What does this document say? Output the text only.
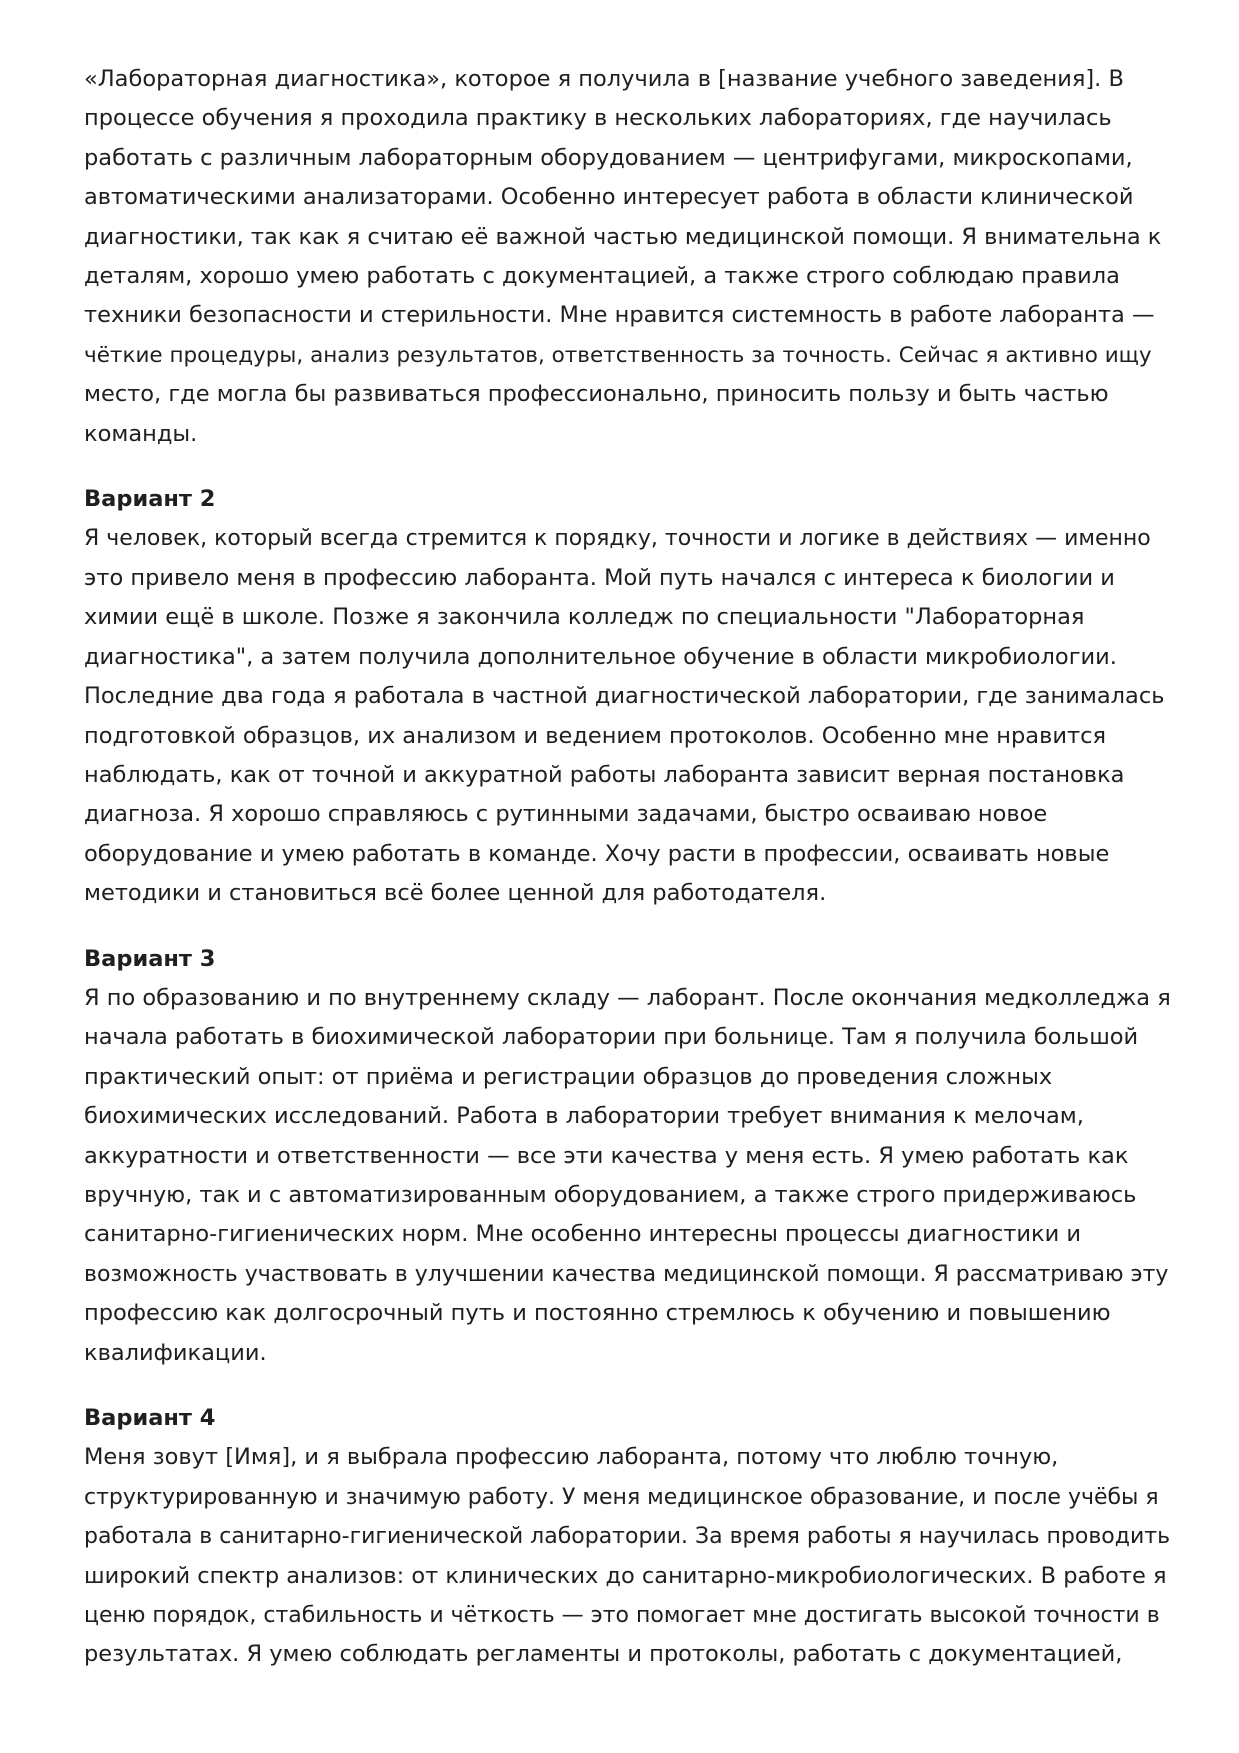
«Лабораторная диагностика», которое я получила в [название учебного заведения]. В
процессе обучения я проходила практику в нескольких лабораториях, где научилась
работать с различным лабораторным оборудованием — центрифугами, микроскопами,
автоматическими анализаторами. Особенно интересует работа в области клинической
диагностики, так как я считаю её важной частью медицинской помощи. Я внимательна к
деталям, хорошо умею работать с документацией, а также строго соблюдаю правила
техники безопасности и стерильности. Мне нравится системность в работе лаборанта —
чёткие процедуры, анализ результатов, ответственность за точность. Сейчас я активно ищу
место, где могла бы развиваться профессионально, приносить пользу и быть частью
команды.
Вариант 2
Я человек, который всегда стремится к порядку, точности и логике в действиях — именно
это привело меня в профессию лаборанта. Мой путь начался с интереса к биологии и
химии ещё в школе. Позже я закончила колледж по специальности "Лабораторная
диагностика", а затем получила дополнительное обучение в области микробиологии.
Последние два года я работала в частной диагностической лаборатории, где занималась
подготовкой образцов, их анализом и ведением протоколов. Особенно мне нравится
наблюдать, как от точной и аккуратной работы лаборанта зависит верная постановка
диагноза. Я хорошо справляюсь с рутинными задачами, быстро осваиваю новое
оборудование и умею работать в команде. Хочу расти в профессии, осваивать новые
методики и становиться всё более ценной для работодателя.
Вариант 3
Я по образованию и по внутреннему складу — лаборант. После окончания медколледжа я
начала работать в биохимической лаборатории при больнице. Там я получила большой
практический опыт: от приёма и регистрации образцов до проведения сложных
биохимических исследований. Работа в лаборатории требует внимания к мелочам,
аккуратности и ответственности — все эти качества у меня есть. Я умею работать как
вручную, так и с автоматизированным оборудованием, а также строго придерживаюсь
санитарно-гигиенических норм. Мне особенно интересны процессы диагностики и
возможность участвовать в улучшении качества медицинской помощи. Я рассматриваю эту
профессию как долгосрочный путь и постоянно стремлюсь к обучению и повышению
квалификации.
Вариант 4
Меня зовут [Имя], и я выбрала профессию лаборанта, потому что люблю точную,
структурированную и значимую работу. У меня медицинское образование, и после учёбы я
работала в санитарно-гигиенической лаборатории. За время работы я научилась проводить
широкий спектр анализов: от клинических до санитарно-микробиологических. В работе я
ценю порядок, стабильность и чёткость — это помогает мне достигать высокой точности в
результатах. Я умею соблюдать регламенты и протоколы, работать с документацией,
